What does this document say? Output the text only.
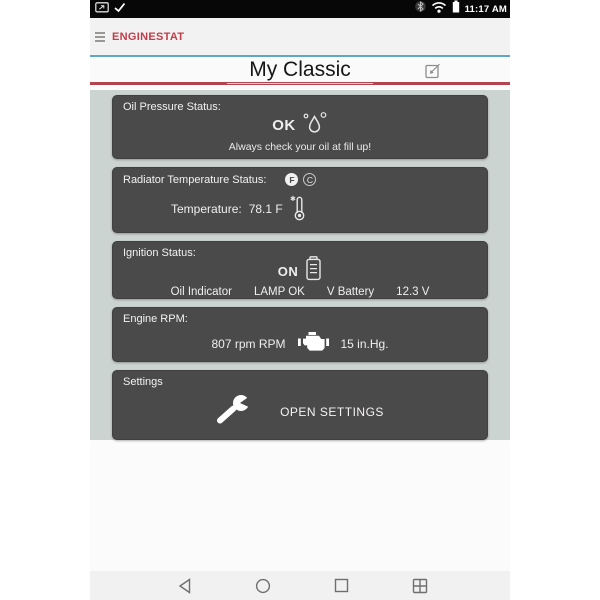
11:17 AM
ENGINESTAT
My Classic
Oil Pressure Status:
OK
Always check your oil at fill up!
Radiator Temperature Status:	F	C
Temperature: 78.1 F
✱
Ignition Status:
ON
Oil Indicator LAMP OK V Battery 12.3 V
Engine RPM:
807 rpm RPM	15 in.Hg.
Settings
OPEN SETTINGS
